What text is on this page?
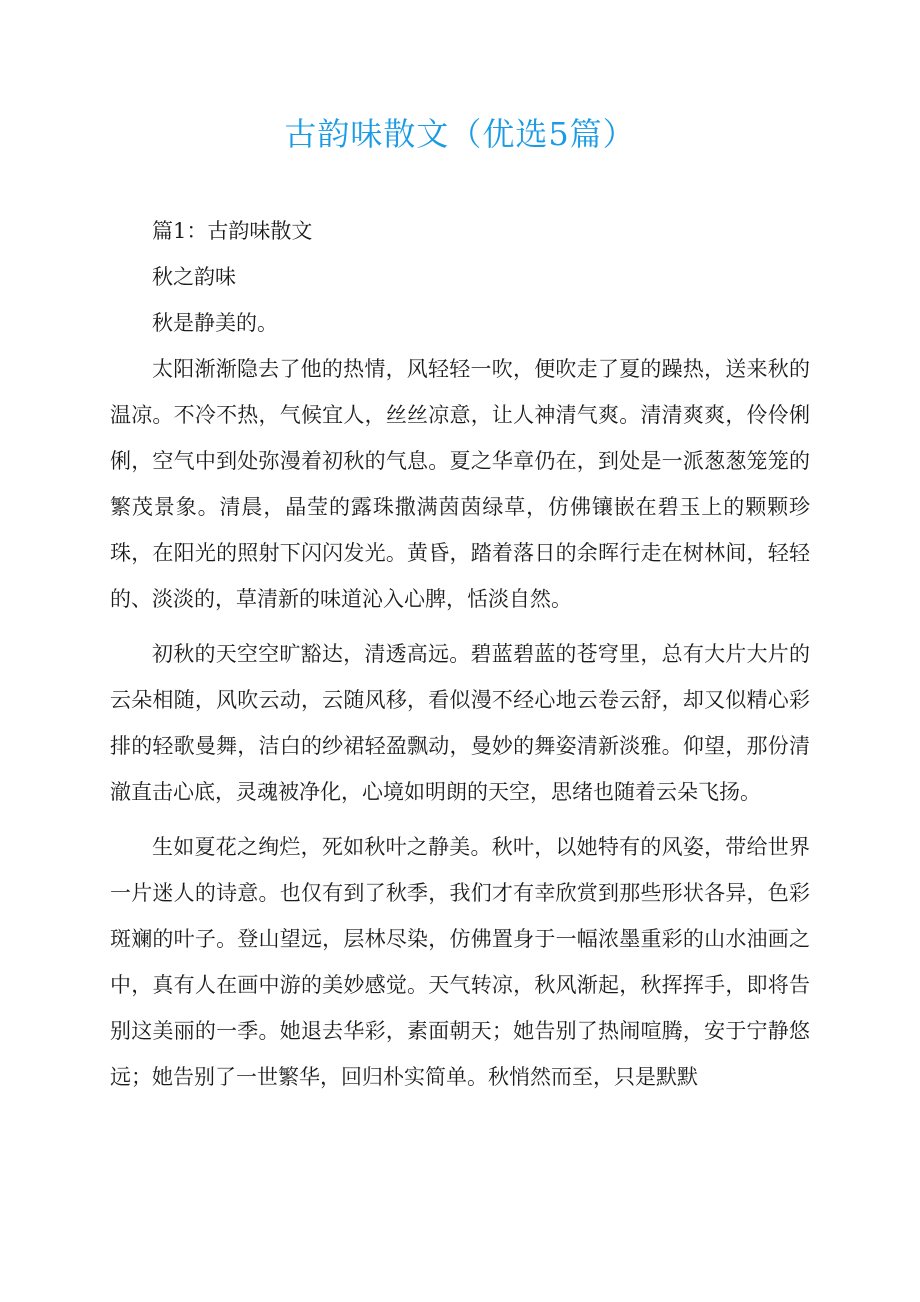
古韵味散文（优选5篇）

篇1：古韵味散文

秋之韵味

秋是静美的。

太阳渐渐隐去了他的热情，风轻轻一吹，便吹走了夏的躁热，送来秋的温凉。不冷不热，气候宜人，丝丝凉意，让人神清气爽。清清爽爽，伶伶俐俐，空气中到处弥漫着初秋的气息。夏之华章仍在，到处是一派葱葱笼笼的繁茂景象。清晨，晶莹的露珠撒满茵茵绿草，仿佛镶嵌在碧玉上的颗颗珍珠，在阳光的照射下闪闪发光。黄昏，踏着落日的余晖行走在树林间，轻轻的、淡淡的，草清新的味道沁入心脾，恬淡自然。

初秋的天空空旷豁达，清透高远。碧蓝碧蓝的苍穹里，总有大片大片的云朵相随，风吹云动，云随风移，看似漫不经心地云卷云舒，却又似精心彩排的轻歌曼舞，洁白的纱裙轻盈飘动，曼妙的舞姿清新淡雅。仰望，那份清澈直击心底，灵魂被净化，心境如明朗的天空，思绪也随着云朵飞扬。

生如夏花之绚烂，死如秋叶之静美。秋叶，以她特有的风姿，带给世界一片迷人的诗意。也仅有到了秋季，我们才有幸欣赏到那些形状各异，色彩斑斓的叶子。登山望远，层林尽染，仿佛置身于一幅浓墨重彩的山水油画之中，真有人在画中游的美妙感觉。天气转凉，秋风渐起，秋挥挥手，即将告别这美丽的一季。她退去华彩，素面朝天；她告别了热闹喧腾，安于宁静悠远；她告别了一世繁华，回归朴实简单。秋悄然而至，只是默默
